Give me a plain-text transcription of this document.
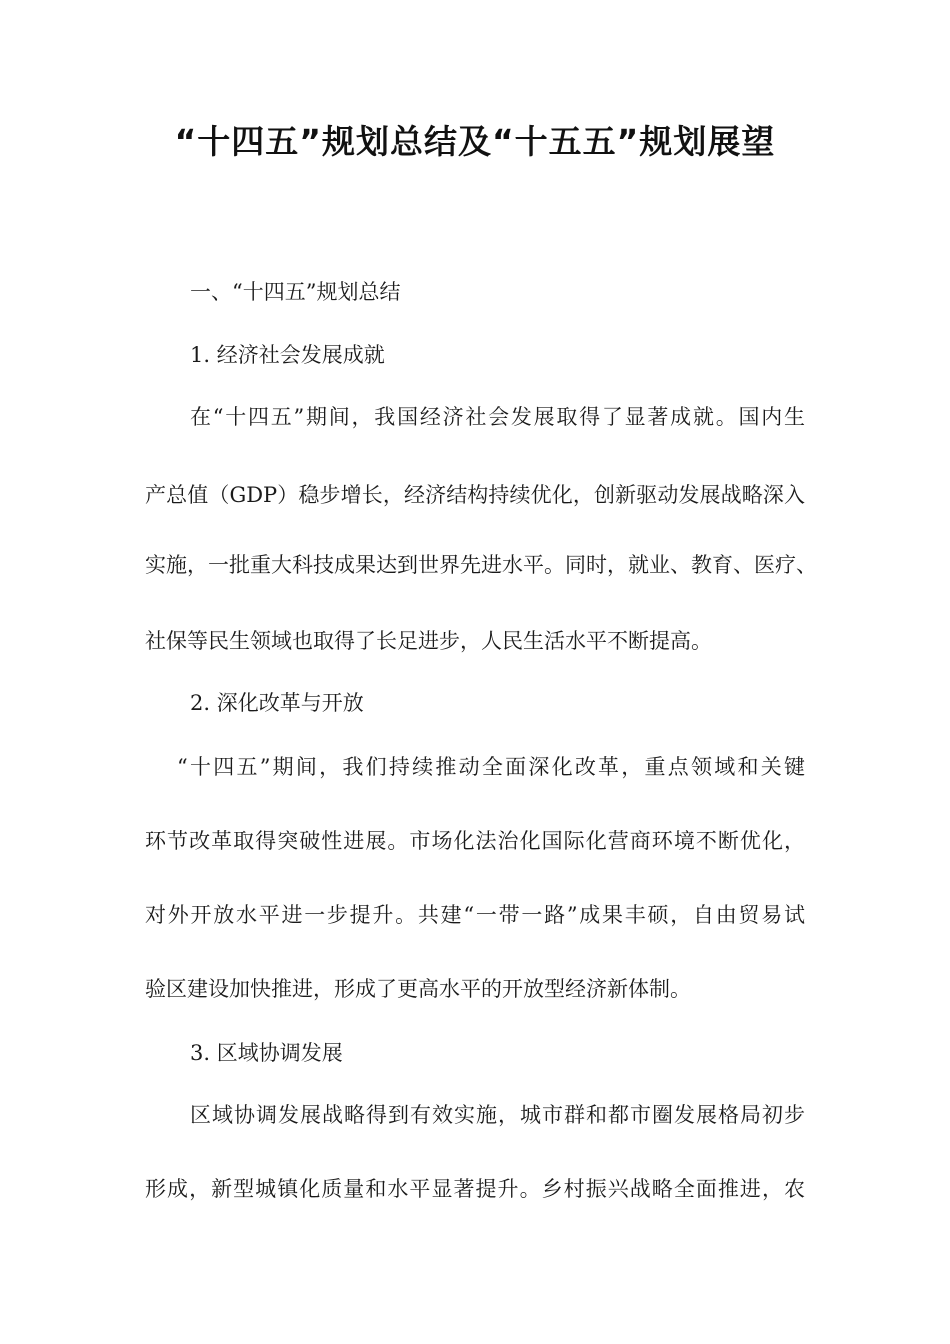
“十四五”规划总结及“十五五”规划展望
一、“十四五”规划总结
1. 经济社会发展成就
在“十四五”期间，我国经济社会发展取得了显著成就。国内生
产总值（GDP）稳步增长，经济结构持续优化，创新驱动发展战略深入
实施，一批重大科技成果达到世界先进水平。同时，就业、教育、医疗、
社保等民生领域也取得了长足进步，人民生活水平不断提高。
2. 深化改革与开放
“十四五”期间，我们持续推动全面深化改革，重点领域和关键
环节改革取得突破性进展。市场化法治化国际化营商环境不断优化，
对外开放水平进一步提升。共建“一带一路”成果丰硕，自由贸易试
验区建设加快推进，形成了更高水平的开放型经济新体制。
3. 区域协调发展
区域协调发展战略得到有效实施，城市群和都市圈发展格局初步
形成，新型城镇化质量和水平显著提升。乡村振兴战略全面推进，农
